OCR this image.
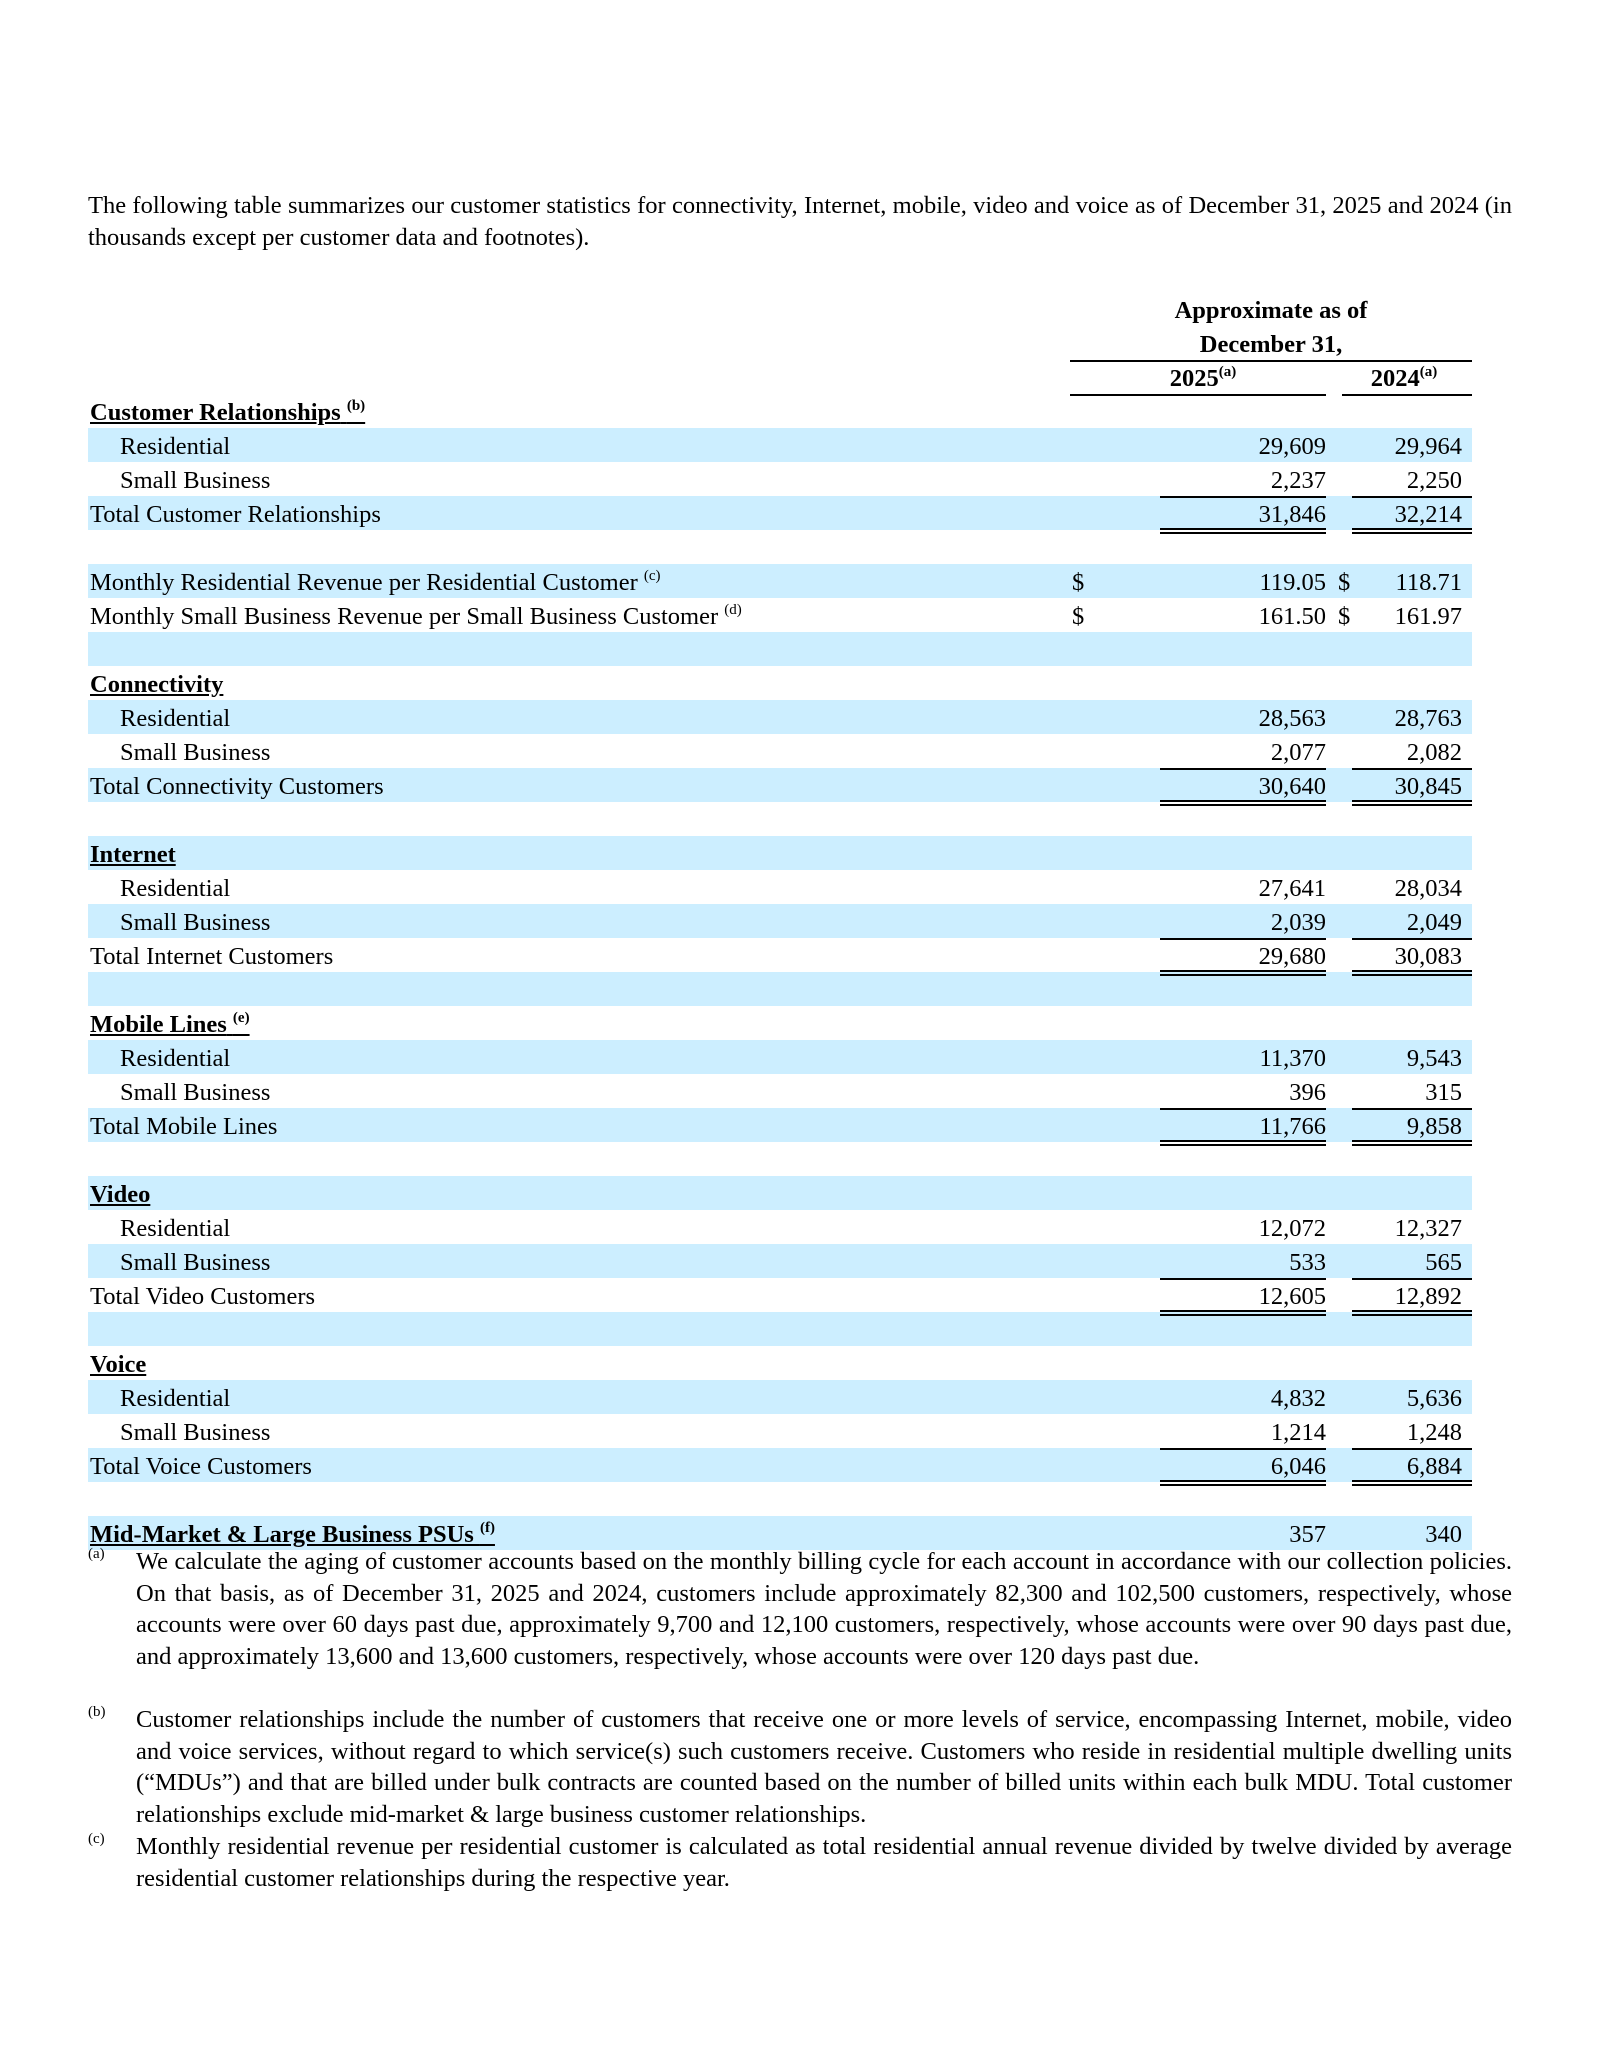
The following table summarizes our customer statistics for connectivity, Internet, mobile, video and voice as of December 31, 2025 and 2024 (in thousands except per customer data and footnotes).

	Approximate as of			
	December 31,			

	2025$^{(a)}$		2024$^{(a)}$

Customer Relationships $^{(b)}$				
Residential		29,609		29,964
Small Business		2,237		2,250
Total Customer Relationships		31,846		32,214

Monthly Residential Revenue per Residential Customer $^{(c)}$	$	119.05	$	118.71
Monthly Small Business Revenue per Small Business Customer $^{(d)}$	$	161.50	$	161.97

Connectivity				
Residential		28,563		28,763
Small Business		2,077		2,082
Total Connectivity Customers		30,640		30,845

Internet				
Residential		27,641		28,034
Small Business		2,039		2,049
Total Internet Customers		29,680		30,083

Mobile Lines $^{(e)}$				
Residential		11,370		9,543
Small Business		396		315
Total Mobile Lines		11,766		9,858

Video				
Residential		12,072		12,327
Small Business		533		565
Total Video Customers		12,605		12,892

Voice				
Residential		4,832		5,636
Small Business		1,214		1,248
Total Voice Customers		6,046		6,884

Mid-Market & Large Business PSUs $^{(f)}$		357		340
(a) We calculate the aging of customer accounts based on the monthly billing cycle for each account in accordance with our collection policies. On that basis, as of December 31, 2025 and 2024, customers include approximately 82,300 and 102,500 customers, respectively, whose accounts were over 60 days past due, approximately 9,700 and 12,100 customers, respectively, whose accounts were over 90 days past due, and approximately 13,600 and 13,600 customers, respectively, whose accounts were over 120 days past due.
(b) Customer relationships include the number of customers that receive one or more levels of service, encompassing Internet, mobile, video and voice services, without regard to which service(s) such customers receive. Customers who reside in residential multiple dwelling units (“MDUs”) and that are billed under bulk contracts are counted based on the number of billed units within each bulk MDU. Total customer relationships exclude mid-market & large business customer relationships.
(c) Monthly residential revenue per residential customer is calculated as total residential annual revenue divided by twelve divided by average residential customer relationships during the respective year.
